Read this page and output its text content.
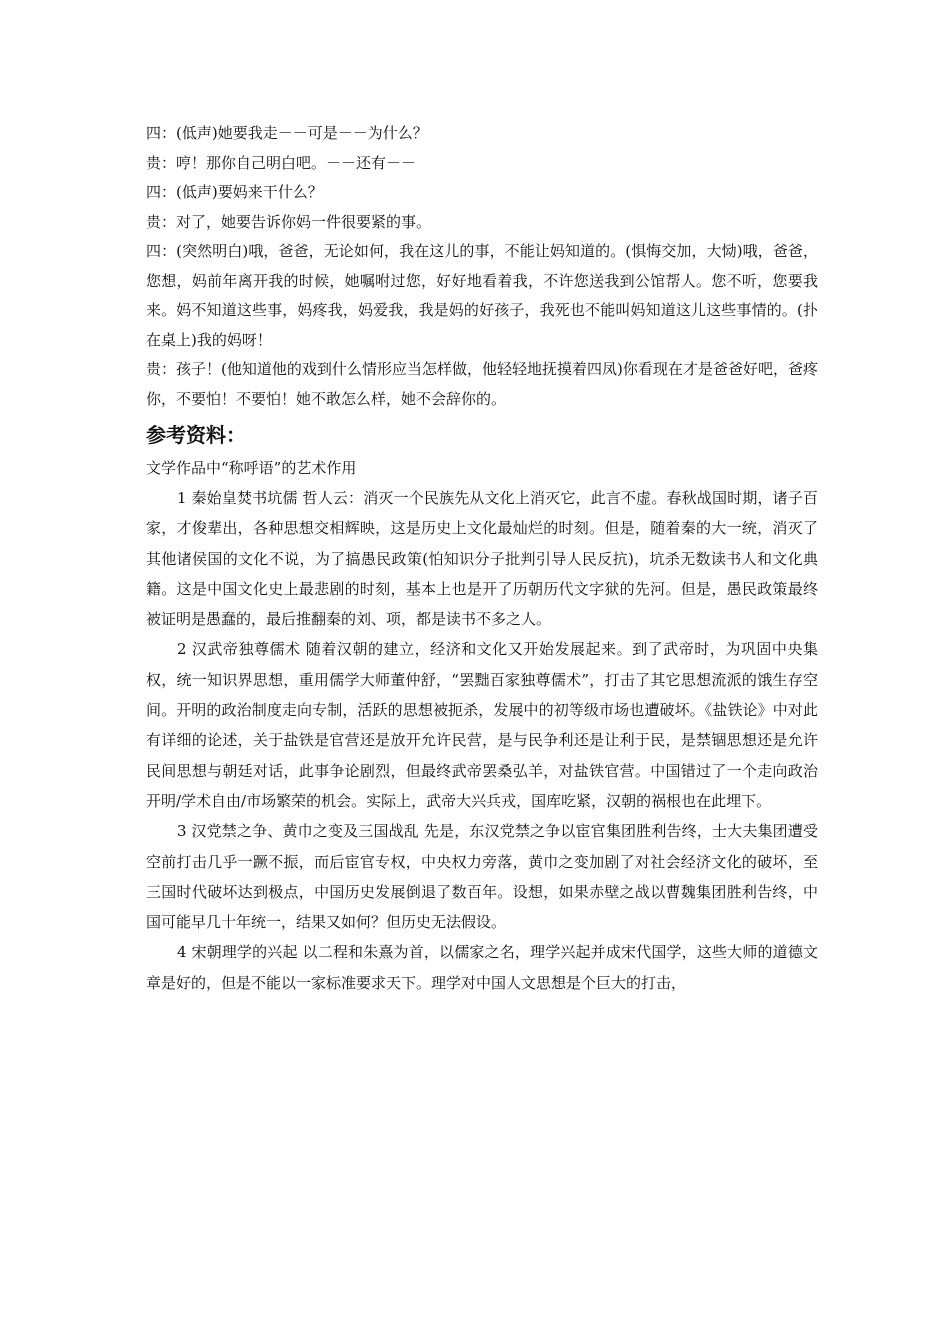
四：(低声)她要我走－－可是－－为什么？

贵：哼！那你自己明白吧。－－还有－－

四：(低声)要妈来干什么？

贵：对了，她要告诉你妈一件很要紧的事。

四：(突然明白)哦，爸爸，无论如何，我在这儿的事，不能让妈知道的。(惧悔交加，大恸)哦，爸爸，您想，妈前年离开我的时候，她嘱咐过您，好好地看着我，不许您送我到公馆帮人。您不听，您要我来。妈不知道这些事，妈疼我，妈爱我，我是妈的好孩子，我死也不能叫妈知道这儿这些事情的。(扑在桌上)我的妈呀！

贵：孩子！(他知道他的戏到什么情形应当怎样做，他轻轻地抚摸着四凤)你看现在才是爸爸好吧，爸疼你，不要怕！不要怕！她不敢怎么样，她不会辞你的。

参考资料：
文学作品中“称呼语”的艺术作用

1 秦始皇焚书坑儒 哲人云：消灭一个民族先从文化上消灭它，此言不虚。春秋战国时期，诸子百家，才俊辈出，各种思想交相辉映，这是历史上文化最灿烂的时刻。但是，随着秦的大一统，消灭了其他诸侯国的文化不说，为了搞愚民政策(怕知识分子批判引导人民反抗)，坑杀无数读书人和文化典籍。这是中国文化史上最悲剧的时刻，基本上也是开了历朝历代文字狱的先河。但是，愚民政策最终被证明是愚蠢的，最后推翻秦的刘、项，都是读书不多之人。

2 汉武帝独尊儒术 随着汉朝的建立，经济和文化又开始发展起来。到了武帝时，为巩固中央集权，统一知识界思想，重用儒学大师董仲舒，“罢黜百家独尊儒术”，打击了其它思想流派的饿生存空间。开明的政治制度走向专制，活跃的思想被扼杀，发展中的初等级市场也遭破坏。《盐铁论》中对此有详细的论述，关于盐铁是官营还是放开允许民营，是与民争利还是让利于民，是禁锢思想还是允许民间思想与朝廷对话，此事争论剧烈，但最终武帝罢桑弘羊，对盐铁官营。中国错过了一个走向政治开明/学术自由/市场繁荣的机会。实际上，武帝大兴兵戎，国库吃紧，汉朝的祸根也在此埋下。

3 汉党禁之争、黄巾之变及三国战乱 先是，东汉党禁之争以宦官集团胜利告终，士大夫集团遭受空前打击几乎一蹶不振，而后宦官专权，中央权力旁落，黄巾之变加剧了对社会经济文化的破坏，至三国时代破坏达到极点，中国历史发展倒退了数百年。设想，如果赤壁之战以曹魏集团胜利告终，中国可能早几十年统一，结果又如何？但历史无法假设。

4 宋朝理学的兴起 以二程和朱熹为首，以儒家之名，理学兴起并成宋代国学，这些大师的道德文章是好的，但是不能以一家标准要求天下。理学对中国人文思想是个巨大的打击，
